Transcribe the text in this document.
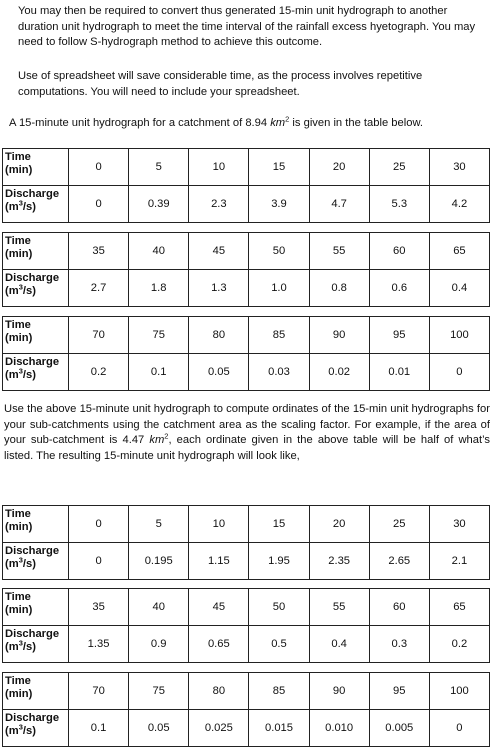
You may then be required to convert thus generated 15-min unit hydrograph to another duration unit hydrograph to meet the time interval of the rainfall excess hyetograph. You may need to follow S-hydrograph method to achieve this outcome.

Use of spreadsheet will save considerable time, as the process involves repetitive computations. You will need to include your spreadsheet.

A 15-minute unit hydrograph for a catchment of 8.94 $km^2$ is given in the table below.

Use the above 15-minute unit hydrograph to compute ordinates of the 15-min unit hydrographs for your sub-catchments using the catchment area as the scaling factor. For example, if the area of your sub-catchment is 4.47 $km^2$, each ordinate given in the above table will be half of what’s listed. The resulting 15-minute unit hydrograph will look like,

Time
(min)	0	5	10	15	20	25	30
Discharge
$(m^3/s)$	0	0.39	2.3	3.9	4.7	5.3	4.2
Time
(min)	35	40	45	50	55	60	65
Discharge
$(m^3/s)$	2.7	1.8	1.3	1.0	0.8	0.6	0.4
Time
(min)	70	75	80	85	90	95	100
Discharge
$(m^3/s)$	0.2	0.1	0.05	0.03	0.02	0.01	0
Time
(min)	0	5	10	15	20	25	30
Discharge
$(m^3/s)$	0	0.195	1.15	1.95	2.35	2.65	2.1
Time
(min)	35	40	45	50	55	60	65
Discharge
$(m^3/s)$	1.35	0.9	0.65	0.5	0.4	0.3	0.2
Time
(min)	70	75	80	85	90	95	100
Discharge
$(m^3/s)$	0.1	0.05	0.025	0.015	0.010	0.005	0
